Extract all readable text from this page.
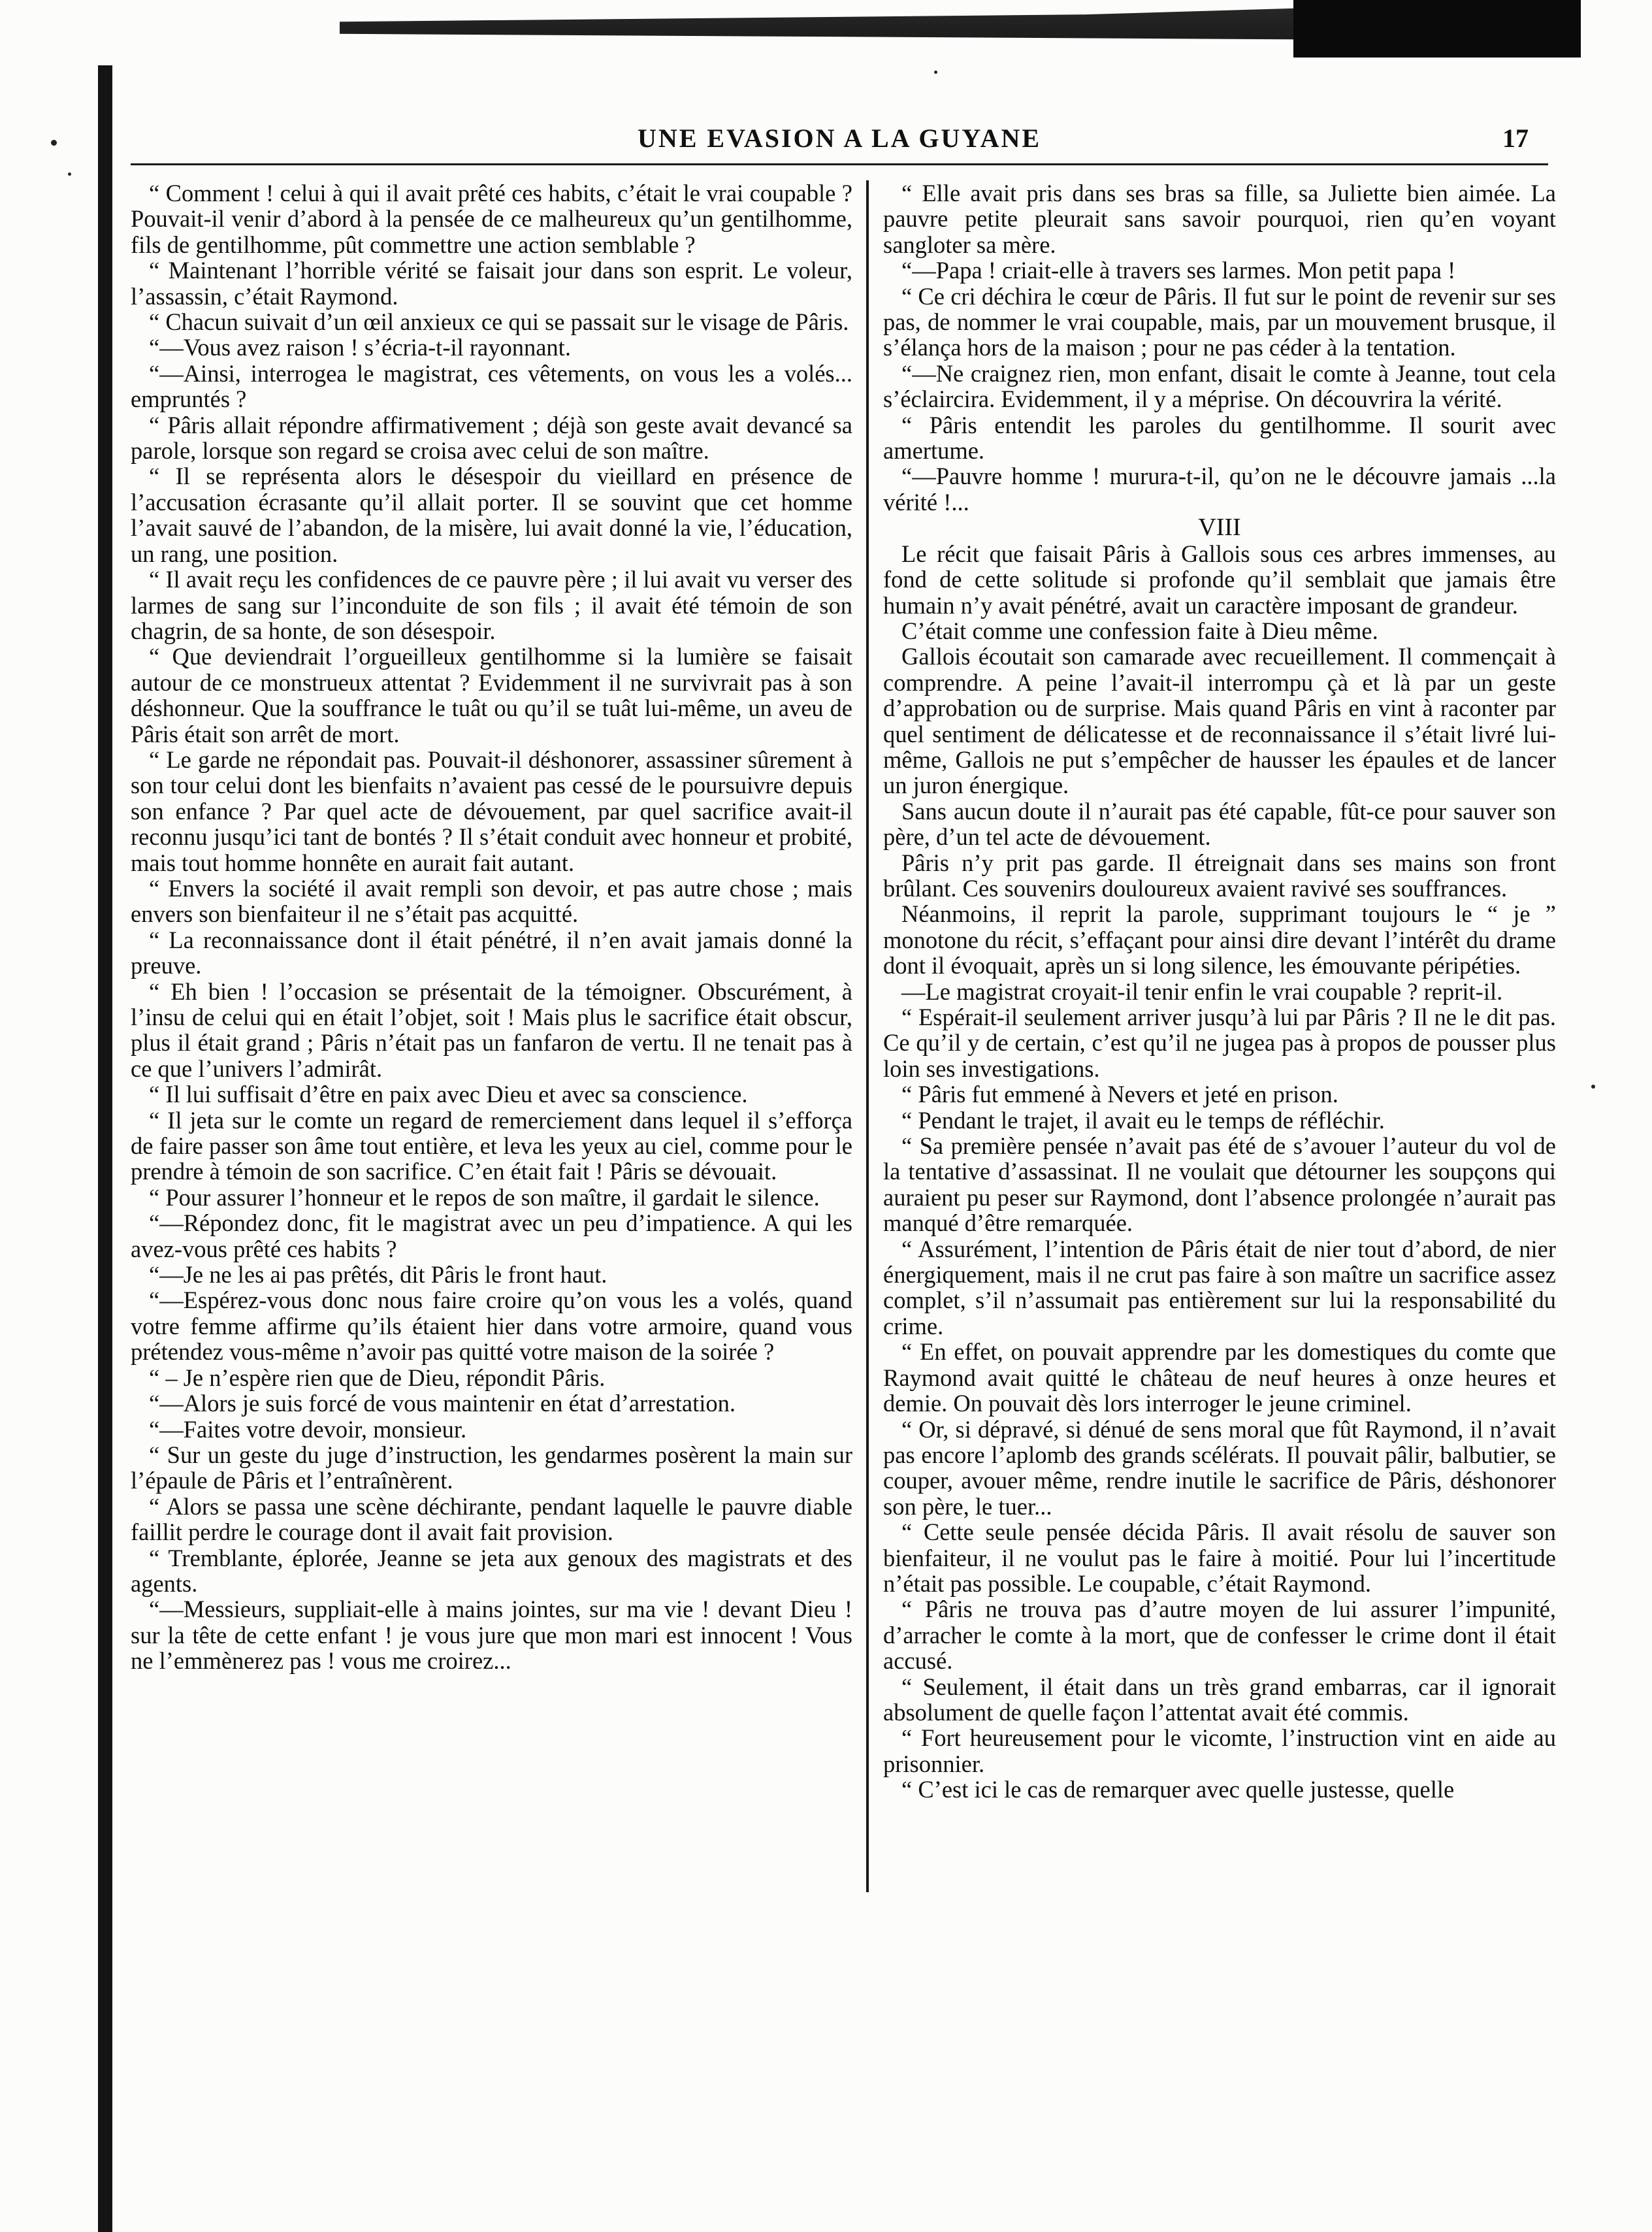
UNE EVASION A LA GUYANE	17

“ Comment ! celui à qui il avait prêté ces habits, c’était le vrai coupable ? Pouvait-il venir d’abord à la pensée de ce malheureux qu’un gentilhomme, fils de gentilhomme, pût commettre une action semblable ?

“ Maintenant l’horrible vérité se faisait jour dans son esprit. Le voleur, l’assassin, c’était Raymond.

“ Chacun suivait d’un œil anxieux ce qui se passait sur le visage de Pâris.

“—Vous avez raison ! s’écria-t-il rayonnant.

“—Ainsi, interrogea le magistrat, ces vêtements, on vous les a volés... empruntés ?

“ Pâris allait répondre affirmativement ; déjà son geste avait devancé sa parole, lorsque son regard se croisa avec celui de son maître.

“ Il se représenta alors le désespoir du vieillard en présence de l’accusation écrasante qu’il allait porter. Il se souvint que cet homme l’avait sauvé de l’abandon, de la misère, lui avait donné la vie, l’éducation, un rang, une position.

“ Il avait reçu les confidences de ce pauvre père ; il lui avait vu verser des larmes de sang sur l’inconduite de son fils ; il avait été témoin de son chagrin, de sa honte, de son désespoir.

“ Que deviendrait l’orgueilleux gentilhomme si la lumière se faisait autour de ce monstrueux attentat ? Evidemment il ne survivrait pas à son déshonneur. Que la souffrance le tuât ou qu’il se tuât lui-même, un aveu de Pâris était son arrêt de mort.

“ Le garde ne répondait pas. Pouvait-il déshonorer, assassiner sûrement à son tour celui dont les bienfaits n’avaient pas cessé de le poursuivre depuis son enfance ? Par quel acte de dévouement, par quel sacrifice avait-il reconnu jusqu’ici tant de bontés ? Il s’était conduit avec honneur et probité, mais tout homme honnête en aurait fait autant.

“ Envers la société il avait rempli son devoir, et pas autre chose ; mais envers son bienfaiteur il ne s’était pas acquitté.

“ La reconnaissance dont il était pénétré, il n’en avait jamais donné la preuve.

“ Eh bien ! l’occasion se présentait de la témoigner. Obscurément, à l’insu de celui qui en était l’objet, soit ! Mais plus le sacrifice était obscur, plus il était grand ; Pâris n’était pas un fanfaron de vertu. Il ne tenait pas à ce que l’univers l’admirât.

“ Il lui suffisait d’être en paix avec Dieu et avec sa conscience.

“ Il jeta sur le comte un regard de remerciement dans lequel il s’efforça de faire passer son âme tout entière, et leva les yeux au ciel, comme pour le prendre à témoin de son sacrifice. C’en était fait ! Pâris se dévouait.

“ Pour assurer l’honneur et le repos de son maître, il gardait le silence.

“—Répondez donc, fit le magistrat avec un peu d’impatience. A qui les avez-vous prêté ces habits ?

“—Je ne les ai pas prêtés, dit Pâris le front haut.

“—Espérez-vous donc nous faire croire qu’on vous les a volés, quand votre femme affirme qu’ils étaient hier dans votre armoire, quand vous prétendez vous-même n’avoir pas quitté votre maison de la soirée ?

“ – Je n’espère rien que de Dieu, répondit Pâris.

“—Alors je suis forcé de vous maintenir en état d’arrestation.

“—Faites votre devoir, monsieur.

“ Sur un geste du juge d’instruction, les gendarmes posèrent la main sur l’épaule de Pâris et l’entraînèrent.

“ Alors se passa une scène déchirante, pendant laquelle le pauvre diable faillit perdre le courage dont il avait fait provision.

“ Tremblante, éplorée, Jeanne se jeta aux genoux des magistrats et des agents.

“—Messieurs, suppliait-elle à mains jointes, sur ma vie ! devant Dieu ! sur la tête de cette enfant ! je vous jure que mon mari est innocent ! Vous ne l’emmènerez pas ! vous me croirez...

“ Elle avait pris dans ses bras sa fille, sa Juliette bien aimée. La pauvre petite pleurait sans savoir pourquoi, rien qu’en voyant sangloter sa mère.

“—Papa ! criait-elle à travers ses larmes. Mon petit papa !

“ Ce cri déchira le cœur de Pâris. Il fut sur le point de revenir sur ses pas, de nommer le vrai coupable, mais, par un mouvement brusque, il s’élança hors de la maison ; pour ne pas céder à la tentation.

“—Ne craignez rien, mon enfant, disait le comte à Jeanne, tout cela s’éclaircira. Evidemment, il y a méprise. On découvrira la vérité.

“ Pâris entendit les paroles du gentilhomme. Il sourit avec amertume.

“—Pauvre homme ! murura-t-il, qu’on ne le découvre jamais ...la vérité !...

VIII

Le récit que faisait Pâris à Gallois sous ces arbres immenses, au fond de cette solitude si profonde qu’il semblait que jamais être humain n’y avait pénétré, avait un caractère imposant de grandeur.

C’était comme une confession faite à Dieu même.

Gallois écoutait son camarade avec recueillement. Il commençait à comprendre. A peine l’avait-il interrompu çà et là par un geste d’approbation ou de surprise. Mais quand Pâris en vint à raconter par quel sentiment de délicatesse et de reconnaissance il s’était livré lui-même, Gallois ne put s’empêcher de hausser les épaules et de lancer un juron énergique.

Sans aucun doute il n’aurait pas été capable, fût-ce pour sauver son père, d’un tel acte de dévouement.

Pâris n’y prit pas garde. Il étreignait dans ses mains son front brûlant. Ces souvenirs douloureux avaient ravivé ses souffrances.

Néanmoins, il reprit la parole, supprimant toujours le “ je ” monotone du récit, s’effaçant pour ainsi dire devant l’intérêt du drame dont il évoquait, après un si long silence, les émouvante péripéties.

—Le magistrat croyait-il tenir enfin le vrai coupable ? reprit-il.

“ Espérait-il seulement arriver jusqu’à lui par Pâris ? Il ne le dit pas. Ce qu’il y de certain, c’est qu’il ne jugea pas à propos de pousser plus loin ses investigations.

“ Pâris fut emmené à Nevers et jeté en prison.

“ Pendant le trajet, il avait eu le temps de réfléchir.

“ Sa première pensée n’avait pas été de s’avouer l’auteur du vol de la tentative d’assassinat. Il ne voulait que détourner les soupçons qui auraient pu peser sur Raymond, dont l’absence prolongée n’aurait pas manqué d’être remarquée.

“ Assurément, l’intention de Pâris était de nier tout d’abord, de nier énergiquement, mais il ne crut pas faire à son maître un sacrifice assez complet, s’il n’assumait pas entièrement sur lui la responsabilité du crime.

“ En effet, on pouvait apprendre par les domestiques du comte que Raymond avait quitté le château de neuf heures à onze heures et demie. On pouvait dès lors interroger le jeune criminel.

“ Or, si dépravé, si dénué de sens moral que fût Raymond, il n’avait pas encore l’aplomb des grands scélérats. Il pouvait pâlir, balbutier, se couper, avouer même, rendre inutile le sacrifice de Pâris, déshonorer son père, le tuer...

“ Cette seule pensée décida Pâris. Il avait résolu de sauver son bienfaiteur, il ne voulut pas le faire à moitié. Pour lui l’incertitude n’était pas possible. Le coupable, c’était Raymond.

“ Pâris ne trouva pas d’autre moyen de lui assurer l’impunité, d’arracher le comte à la mort, que de confesser le crime dont il était accusé.

“ Seulement, il était dans un très grand embarras, car il ignorait absolument de quelle façon l’attentat avait été commis.

“ Fort heureusement pour le vicomte, l’instruction vint en aide au prisonnier.

“ C’est ici le cas de remarquer avec quelle justesse, quelle
